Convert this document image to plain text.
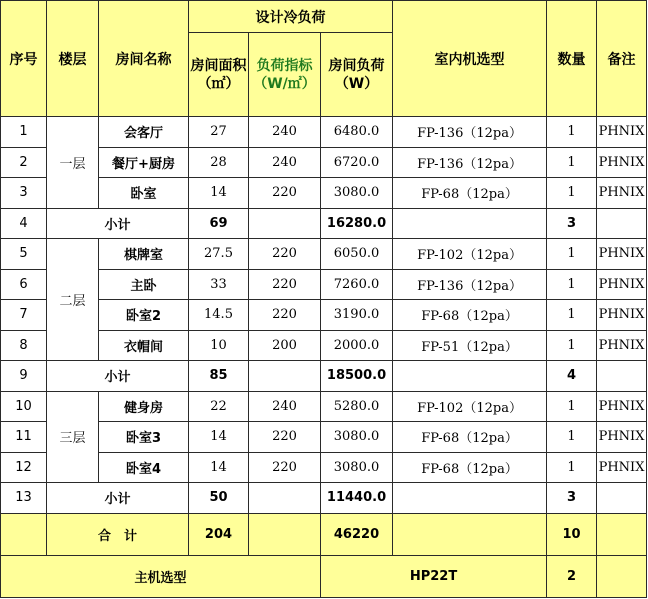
序号	楼层	房间名称	设计冷负荷			室内机选型	数量	备注
			房间面积（㎡）	负荷指标（W/㎡）	房间负荷（W）			
1	一层	会客厅	27	240	6480.0	FP-136（12pa）	1	PHNIX
2		餐厅+厨房	28	240	6720.0	FP-136（12pa）	1	PHNIX
3		卧室	14	220	3080.0	FP-68（12pa）	1	PHNIX
4	小计		69		16280.0		3	
5	二层	棋牌室	27.5	220	6050.0	FP-102（12pa）	1	PHNIX
6		主卧	33	220	7260.0	FP-136（12pa）	1	PHNIX
7		卧室2	14.5	220	3190.0	FP-68（12pa）	1	PHNIX
8		衣帽间	10	200	2000.0	FP-51（12pa）	1	PHNIX
9	小计		85		18500.0		4	
10	三层	健身房	22	240	5280.0	FP-102（12pa）	1	PHNIX
11		卧室3	14	220	3080.0	FP-68（12pa）	1	PHNIX
12		卧室4	14	220	3080.0	FP-68（12pa）	1	PHNIX
13	小计		50		11440.0		3	
	合　计		204		46220		10	
主机选型					HP22T		2	
